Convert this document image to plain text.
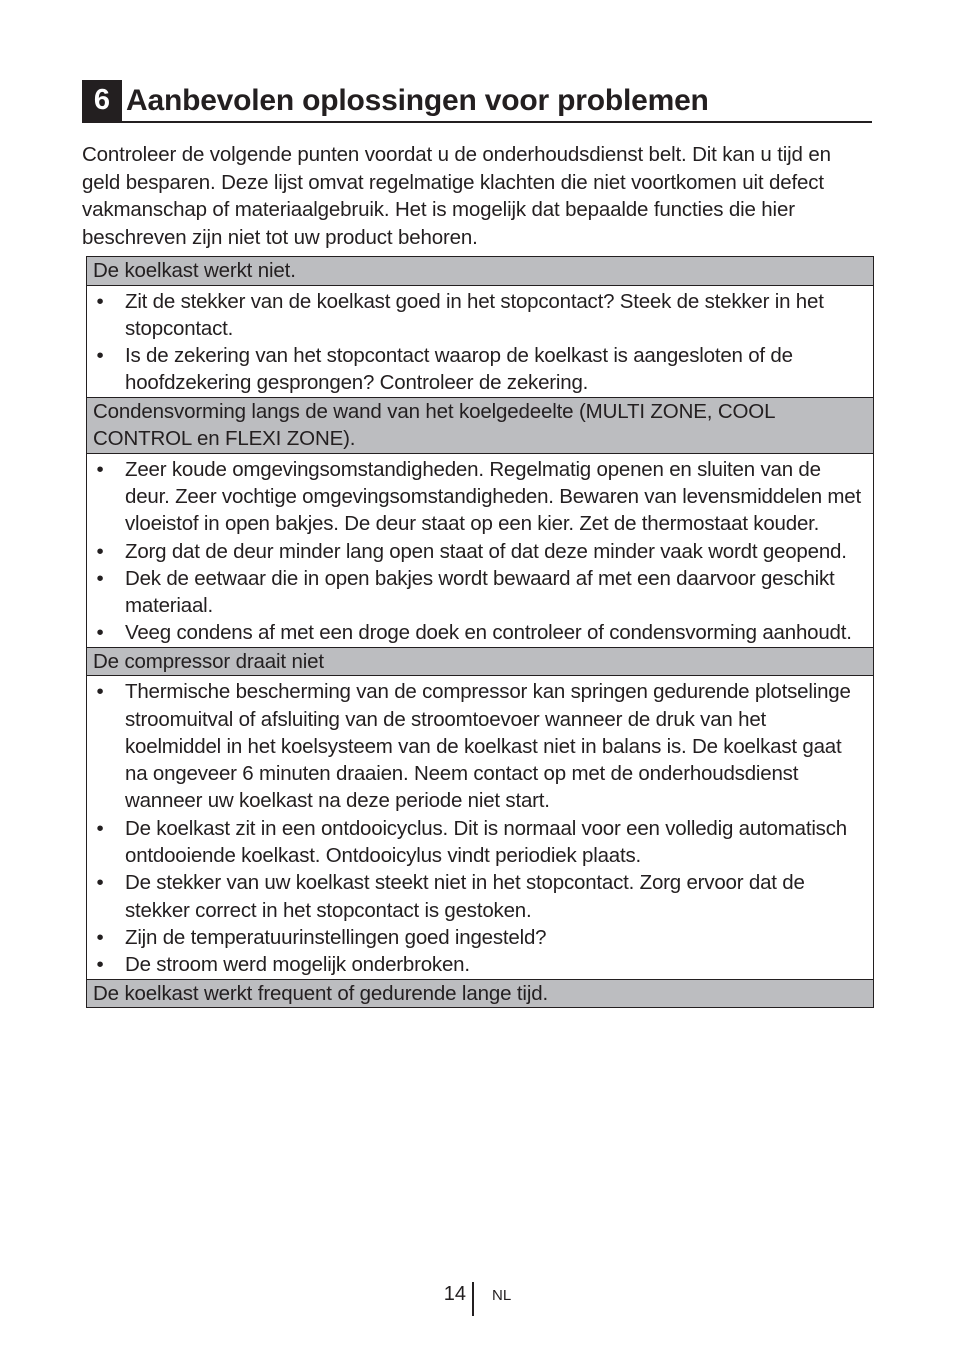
6 Aanbevolen oplossingen voor problemen

Controleer de volgende punten voordat u de onderhoudsdienst belt. Dit kan u tijd en geld besparen. Deze lijst omvat regelmatige klachten die niet voortkomen uit defect vakmanschap of materiaalgebruik. Het is mogelijk dat bepaalde functies die hier beschreven zijn niet tot uw product behoren.

De koelkast werkt niet.
• Zit de stekker van de koelkast goed in het stopcontact? Steek de stekker in het stopcontact.
• Is de zekering van het stopcontact waarop de koelkast is aangesloten of de hoofdzekering gesprongen? Controleer de zekering.
Condensvorming langs de wand van het koelgedeelte (MULTI ZONE, COOL CONTROL en FLEXI ZONE).
• Zeer koude omgevingsomstandigheden. Regelmatig openen en sluiten van de deur. Zeer vochtige omgevingsomstandigheden. Bewaren van levensmiddelen met vloeistof in open bakjes. De deur staat op een kier. Zet de thermostaat kouder.
• Zorg dat de deur minder lang open staat of dat deze minder vaak wordt geopend.
• Dek de eetwaar die in open bakjes wordt bewaard af met een daarvoor geschikt materiaal.
• Veeg condens af met een droge doek en controleer of condensvorming aanhoudt.
De compressor draait niet
• Thermische bescherming van de compressor kan springen gedurende plotselinge stroomuitval of afsluiting van de stroomtoevoer wanneer de druk van het koelmiddel in het koelsysteem van de koelkast niet in balans is. De koelkast gaat na ongeveer 6 minuten draaien. Neem contact op met de onderhoudsdienst wanneer uw koelkast na deze periode niet start.
• De koelkast zit in een ontdooicyclus. Dit is normaal voor een volledig automatisch ontdooiende koelkast. Ontdooicylus vindt periodiek plaats.
• De stekker van uw koelkast steekt niet in het stopcontact. Zorg ervoor dat de stekker correct in het stopcontact is gestoken.
• Zijn de temperatuurinstellingen goed ingesteld?
• De stroom werd mogelijk onderbroken.
De koelkast werkt frequent of gedurende lange tijd.
14 NL
